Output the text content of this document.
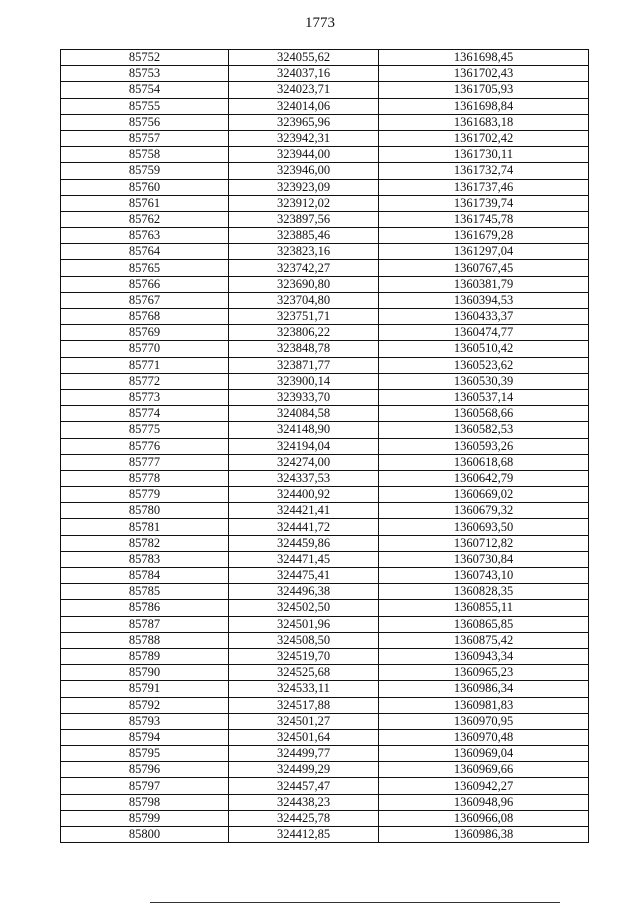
1773
85752	324055,62	1361698,45
85753	324037,16	1361702,43
85754	324023,71	1361705,93
85755	324014,06	1361698,84
85756	323965,96	1361683,18
85757	323942,31	1361702,42
85758	323944,00	1361730,11
85759	323946,00	1361732,74
85760	323923,09	1361737,46
85761	323912,02	1361739,74
85762	323897,56	1361745,78
85763	323885,46	1361679,28
85764	323823,16	1361297,04
85765	323742,27	1360767,45
85766	323690,80	1360381,79
85767	323704,80	1360394,53
85768	323751,71	1360433,37
85769	323806,22	1360474,77
85770	323848,78	1360510,42
85771	323871,77	1360523,62
85772	323900,14	1360530,39
85773	323933,70	1360537,14
85774	324084,58	1360568,66
85775	324148,90	1360582,53
85776	324194,04	1360593,26
85777	324274,00	1360618,68
85778	324337,53	1360642,79
85779	324400,92	1360669,02
85780	324421,41	1360679,32
85781	324441,72	1360693,50
85782	324459,86	1360712,82
85783	324471,45	1360730,84
85784	324475,41	1360743,10
85785	324496,38	1360828,35
85786	324502,50	1360855,11
85787	324501,96	1360865,85
85788	324508,50	1360875,42
85789	324519,70	1360943,34
85790	324525,68	1360965,23
85791	324533,11	1360986,34
85792	324517,88	1360981,83
85793	324501,27	1360970,95
85794	324501,64	1360970,48
85795	324499,77	1360969,04
85796	324499,29	1360969,66
85797	324457,47	1360942,27
85798	324438,23	1360948,96
85799	324425,78	1360966,08
85800	324412,85	1360986,38
